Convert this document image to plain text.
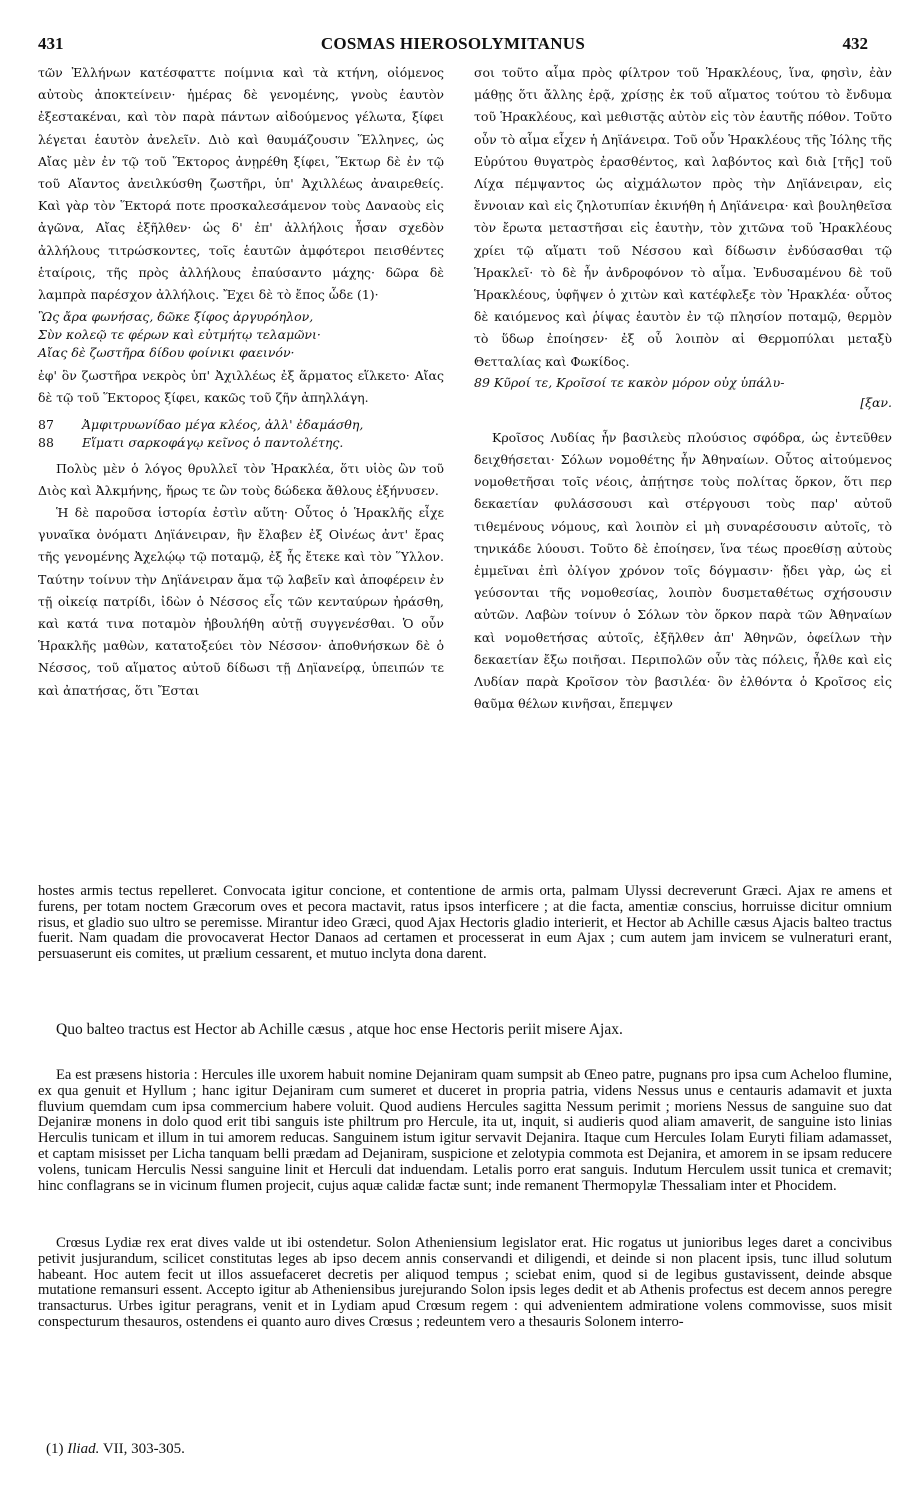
431	COSMAS HIEROSOLYMITANUS	432

τῶν Ἑλλήνων κατέσφαττε ποίμνια καὶ τὰ κτήνη, οἰόμενος αὐτοὺς ἀποκτείνειν· ἡμέρας δὲ γενομένης, γνοὺς ἑαυτὸν ἐξεστακέναι, καὶ τὸν παρὰ πάντων αἰδούμενος γέλωτα, ξίφει λέγεται ἑαυτὸν ἀνελεῖν. Διὸ καὶ θαυμάζουσιν Ἕλληνες, ὡς Αἴας μὲν ἐν τῷ τοῦ Ἕκτορος ἀνῃρέθη ξίφει, Ἕκτωρ δὲ ἐν τῷ τοῦ Αἴαντος ἀνειλκύσθη ζωστῆρι, ὑπ' Ἀχιλλέως ἀναιρεθείς. Καὶ γὰρ τὸν Ἕκτορά ποτε προσκαλεσάμενον τοὺς Δαναοὺς εἰς ἀγῶνα, Αἴας ἐξῆλθεν· ὡς δ' ἐπ' ἀλλήλοις ἦσαν σχεδὸν ἀλλήλους τιτρώσκοντες, τοῖς ἑαυτῶν ἀμφότεροι πεισθέντες ἑταίροις, τῆς πρὸς ἀλλήλους ἐπαύσαντο μάχης· δῶρα δὲ λαμπρὰ παρέσχον ἀλλήλοις. Ἔχει δὲ τὸ ἔπος ὧδε (1)·

Ὣς ἄρα φωνήσας, δῶκε ξίφος ἀργυρόηλον,
Σὺν κολεῷ τε φέρων καὶ εὐτμήτῳ τελαμῶνι·
Αἴας δὲ ζωστῆρα δίδου φοίνικι φαεινόν·

ἐφ' ὃν ζωστῆρα νεκρὸς ὑπ' Ἀχιλλέως ἐξ ἅρματος εἵλκετο· Αἴας δὲ τῷ τοῦ Ἕκτορος ξίφει, κακῶς τοῦ ζῆν ἀπηλλάγη.

87	Ἀμφιτρυωνίδαο μέγα κλέος, ἀλλ' ἐδαμάσθη,
88	Εἵματι σαρκοφάγῳ κεῖνος ὁ παντολέτης.

Πολὺς μὲν ὁ λόγος θρυλλεῖ τὸν Ἡρακλέα, ὅτι υἱὸς ὢν τοῦ Διὸς καὶ Ἀλκμήνης, ἥρως τε ὢν τοὺς δώδεκα ἄθλους ἐξήνυσεν.

Ἡ δὲ παροῦσα ἱστορία ἐστὶν αὕτη· Οὗτος ὁ Ἡρακλῆς εἶχε γυναῖκα ὀνόματι Δηϊάνειραν, ἣν ἔλαβεν ἐξ Οἰνέως ἀντ' ἔρας τῆς γενομένης Ἀχελῴῳ τῷ ποταμῷ, ἐξ ἧς ἔτεκε καὶ τὸν Ὕλλον. Ταύτην τοίνυν τὴν Δηϊάνειραν ἅμα τῷ λαβεῖν καὶ ἀποφέρειν ἐν τῇ οἰκείᾳ πατρίδι, ἰδὼν ὁ Νέσσος εἷς τῶν κενταύρων ἠράσθη, καὶ κατά τινα ποταμὸν ἠβουλήθη αὐτῇ συγγενέσθαι. Ὁ οὖν Ἡρακλῆς μαθὼν, κατατοξεύει τὸν Νέσσον· ἀποθνήσκων δὲ ὁ Νέσσος, τοῦ αἵματος αὐτοῦ δίδωσι τῇ Δηϊανείρᾳ, ὑπειπών τε καὶ ἀπατήσας, ὅτι Ἔσται

σοι τοῦτο αἷμα πρὸς φίλτρον τοῦ Ἡρακλέους, ἵνα, φησὶν, ἐὰν μάθῃς ὅτι ἄλλης ἐρᾷ, χρίσῃς ἐκ τοῦ αἵματος τούτου τὸ ἔνδυμα τοῦ Ἡρακλέους, καὶ μεθιστᾷς αὐτὸν εἰς τὸν ἑαυτῆς πόθον. Τοῦτο οὖν τὸ αἷμα εἶχεν ἡ Δηϊάνειρα. Τοῦ οὖν Ἡρακλέους τῆς Ἰόλης τῆς Εὐρύτου θυγατρὸς ἐρασθέντος, καὶ λαβόντος καὶ διὰ [τῆς] τοῦ Λίχα πέμψαντος ὡς αἰχμάλωτον πρὸς τὴν Δηϊάνειραν, εἰς ἔννοιαν καὶ εἰς ζηλοτυπίαν ἐκινήθη ἡ Δηϊάνειρα· καὶ βουληθεῖσα τὸν ἔρωτα μεταστῆσαι εἰς ἑαυτὴν, τὸν χιτῶνα τοῦ Ἡρακλέους χρίει τῷ αἵματι τοῦ Νέσσου καὶ δίδωσιν ἐνδύσασθαι τῷ Ἡρακλεῖ· τὸ δὲ ἦν ἀνδροφόνον τὸ αἷμα. Ἐνδυσαμένου δὲ τοῦ Ἡρακλέους, ὑφῆψεν ὁ χιτὼν καὶ κατέφλεξε τὸν Ἡρακλέα· οὗτος δὲ καιόμενος καὶ ῥίψας ἑαυτὸν ἐν τῷ πλησίον ποταμῷ, θερμὸν τὸ ὕδωρ ἐποίησεν· ἐξ οὗ λοιπὸν αἱ Θερμοπύλαι μεταξὺ Θετταλίας καὶ Φωκίδος.

89 Κῦροί τε, Κροῖσοί τε κακὸν μόρον οὐχ ὑπάλυ-
[ξαν.

Κροῖσος Λυδίας ἦν βασιλεὺς πλούσιος σφόδρα, ὡς ἐντεῦθεν δειχθήσεται· Σόλων νομοθέτης ἦν Ἀθηναίων. Οὗτος αἰτούμενος νομοθετῆσαι τοῖς νέοις, ἀπῄτησε τοὺς πολίτας ὅρκον, ὅτι περ δεκαετίαν φυλάσσουσι καὶ στέργουσι τοὺς παρ' αὐτοῦ τιθεμένους νόμους, καὶ λοιπὸν εἰ μὴ συναρέσουσιν αὐτοῖς, τὸ τηνικάδε λύουσι. Τοῦτο δὲ ἐποίησεν, ἵνα τέως προεθίσῃ αὐτοὺς ἐμμεῖναι ἐπὶ ὀλίγον χρόνον τοῖς δόγμασιν· ᾔδει γὰρ, ὡς εἰ γεύσονται τῆς νομοθεσίας, λοιπὸν δυσμεταθέτως σχήσουσιν αὐτῶν. Λαβὼν τοίνυν ὁ Σόλων τὸν ὅρκον παρὰ τῶν Ἀθηναίων καὶ νομοθετήσας αὐτοῖς, ἐξῆλθεν ἀπ' Ἀθηνῶν, ὀφείλων τὴν δεκαετίαν ἔξω ποιῆσαι. Περιπολῶν οὖν τὰς πόλεις, ἦλθε καὶ εἰς Λυδίαν παρὰ Κροῖσον τὸν βασιλέα· ὃν ἐλθόντα ὁ Κροῖσος εἰς θαῦμα θέλων κινῆσαι, ἔπεμψεν

hostes armis tectus repelleret. Convocata igitur concione, et contentione de armis orta, palmam Ulyssi decreverunt Græci. Ajax re amens et furens, per totam noctem Græcorum oves et pecora mactavit, ratus ipsos interficere ; at die facta, amentiæ conscius, horruisse dicitur omnium risus, et gladio suo ultro se peremisse. Mirantur ideo Græci, quod Ajax Hectoris gladio interierit, et Hector ab Achille cæsus Ajacis balteo tractus fuerit. Nam quadam die provocaverat Hector Danaos ad certamen et processerat in eum Ajax ; cum autem jam invicem se vulneraturi erant, persuaserunt eis comites, ut prælium cessarent, et mutuo inclyta dona darent.

Quo balteo tractus est Hector ab Achille cæsus , atque hoc ense Hectoris periit misere Ajax.

Ea est præsens historia : Hercules ille uxorem habuit nomine Dejaniram quam sumpsit ab Œneo patre, pugnans pro ipsa cum Acheloo flumine, ex qua genuit et Hyllum ; hanc igitur Dejaniram cum sumeret et duceret in propria patria, videns Nessus unus e centauris adamavit et juxta fluvium quemdam cum ipsa commercium habere voluit. Quod audiens Hercules sagitta Nessum perimit ; moriens Nessus de sanguine suo dat Dejaniræ monens in dolo quod erit tibi sanguis iste philtrum pro Hercule, ita ut, inquit, si audieris quod aliam amaverit, de sanguine isto linias Herculis tunicam et illum in tui amorem reducas. Sanguinem istum igitur servavit Dejanira. Itaque cum Hercules Iolam Euryti filiam adamasset, et captam misisset per Licha tanquam belli prædam ad Dejaniram, suspicione et zelotypia commota est Dejanira, et amorem in se ipsam reducere volens, tunicam Herculis Nessi sanguine linit et Herculi dat induendam. Letalis porro erat sanguis. Indutum Herculem ussit tunica et cremavit; hinc conflagrans se in vicinum flumen projecit, cujus aquæ calidæ factæ sunt; inde remanent Thermopylæ Thessaliam inter et Phocidem.

Crœsus Lydiæ rex erat dives valde ut ibi ostendetur. Solon Atheniensium legislator erat. Hic rogatus ut junioribus leges daret a concivibus petivit jusjurandum, scilicet constitutas leges ab ipso decem annis conservandi et diligendi, et deinde si non placent ipsis, tunc illud solutum habeant. Hoc autem fecit ut illos assuefaceret decretis per aliquod tempus ; sciebat enim, quod si de legibus gustavissent, deinde absque mutatione remansuri essent. Accepto igitur ab Atheniensibus jurejurando Solon ipsis leges dedit et ab Athenis profectus est decem annos peregre transacturus. Urbes igitur peragrans, venit et in Lydiam apud Crœsum regem : qui advenientem admiratione volens commovisse, suos misit conspecturum thesauros, ostendens ei quanto auro dives Crœsus ; redeuntem vero a thesauris Solonem interro-

(1) Iliad. VII, 303-305.
